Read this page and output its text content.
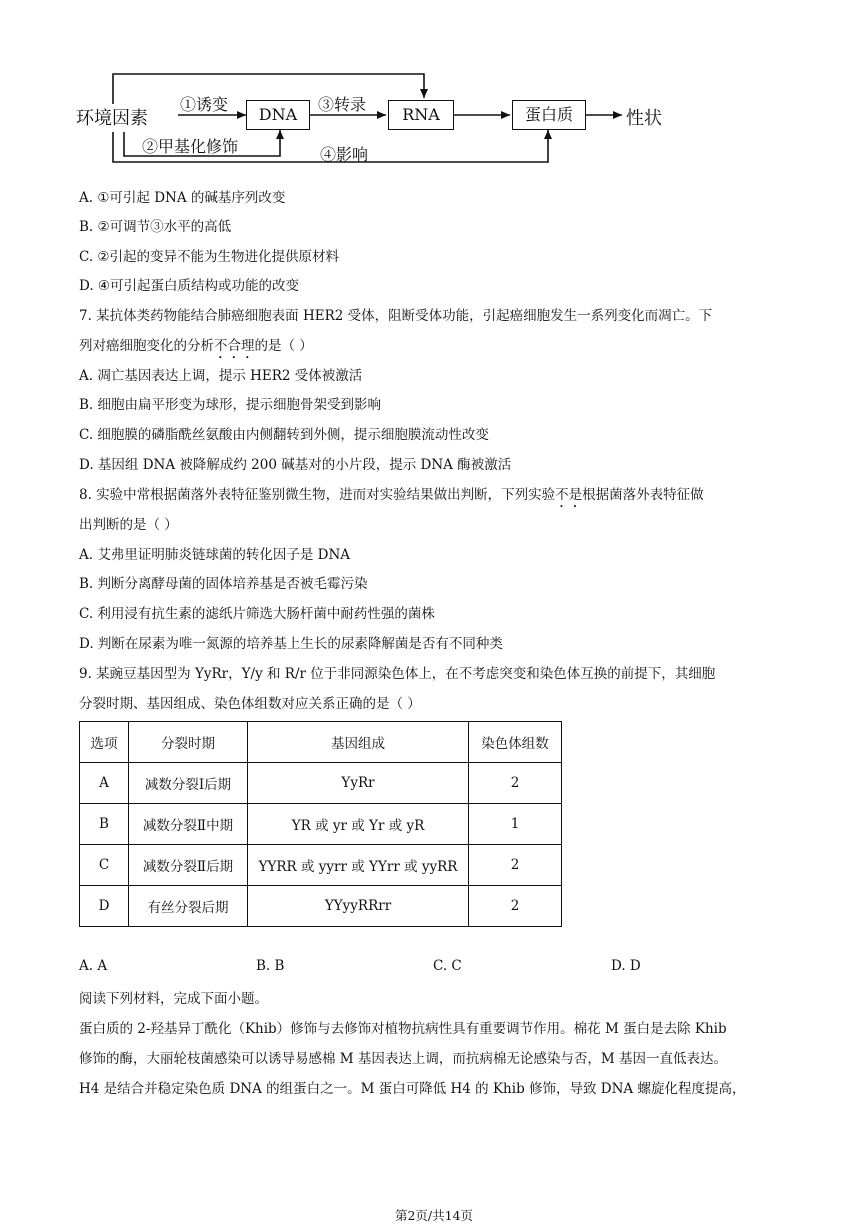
环境因素
①诱变
②甲基化修饰
③转录
④影响
DNA	RNA	蛋白质	性状
A. ①可引起 DNA 的碱基序列改变
B. ②可调节③水平的高低
C. ②引起的变异不能为生物进化提供原材料
D. ④可引起蛋白质结构或功能的改变
7. 某抗体类药物能结合肺癌细胞表面 HER2 受体，阻断受体功能，引起癌细胞发生一系列变化而凋亡。下
列对癌细胞变化的分析不合理的是（ ）
A. 凋亡基因表达上调，提示 HER2 受体被激活
B. 细胞由扁平形变为球形，提示细胞骨架受到影响
C. 细胞膜的磷脂酰丝氨酸由内侧翻转到外侧，提示细胞膜流动性改变
D. 基因组 DNA 被降解成约 200 碱基对的小片段，提示 DNA 酶被激活
8. 实验中常根据菌落外表特征鉴别微生物，进而对实验结果做出判断，下列实验不是根据菌落外表特征做
出判断的是（ ）
A. 艾弗里证明肺炎链球菌的转化因子是 DNA
B. 判断分离酵母菌的固体培养基是否被毛霉污染
C. 利用浸有抗生素的滤纸片筛选大肠杆菌中耐药性强的菌株
D. 判断在尿素为唯一氮源的培养基上生长的尿素降解菌是否有不同种类
9. 某豌豆基因型为 YyRr，Y/y 和 R/r 位于非同源染色体上，在不考虑突变和染色体互换的前提下，其细胞
分裂时期、基因组成、染色体组数对应关系正确的是（ ）
选项	分裂时期	基因组成	染色体组数
A	减数分裂Ⅰ后期	YyRr	2
B	减数分裂Ⅱ中期	YR 或 yr 或 Yr 或 yR	1
C	减数分裂Ⅱ后期	YYRR 或 yyrr 或 YYrr 或 yyRR	2
D	有丝分裂后期	YYyyRRrr	2
A. A	B. B	C. C	D. D
阅读下列材料，完成下面小题。
蛋白质的 2-羟基异丁酰化（Khib）修饰与去修饰对植物抗病性具有重要调节作用。棉花 M 蛋白是去除 Khib
修饰的酶，大丽轮枝菌感染可以诱导易感棉 M 基因表达上调，而抗病棉无论感染与否，M 基因一直低表达。
H4 是结合并稳定染色质 DNA 的组蛋白之一。M 蛋白可降低 H4 的 Khib 修饰，导致 DNA 螺旋化程度提高，
第2页/共14页
